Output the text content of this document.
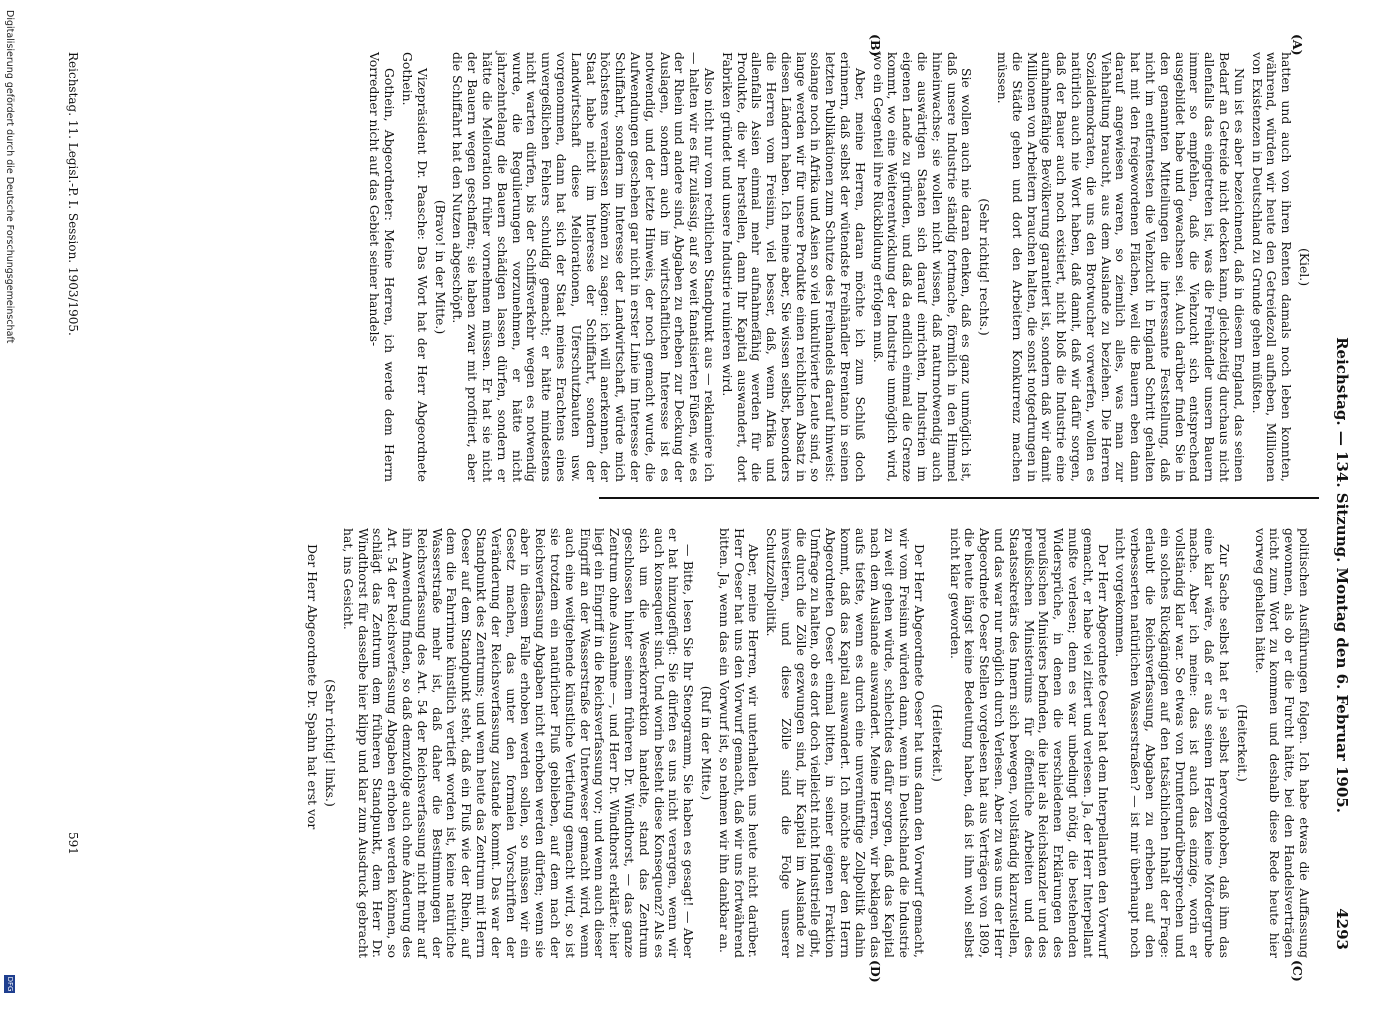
Reichstag. — 134. Sitzung. Montag den 6. Februar 1905.
4293
(A)
(B)
(C)
(D)

(Kiel.)

hatten und auch von ihren Renten damals noch leben konnten, während, würden wir heute den Getreidezoll aufheben, Millionen von Existenzen in Deutschland zu Grunde gehen müßten.

Nun ist es aber bezeichnend, daß in diesem England, das seinen Bedarf an Getreide nicht decken kann, gleichzeitig durchaus nicht allenfalls das eingetreten ist, was die Freihändler unsern Bauern immer so empfehlen, daß die Viehzucht sich entsprechend ausgebildet habe und gewachsen sei. Auch darüber finden Sie in den genannten Mitteilungen die interessante Feststellung, daß nicht im entferntesten die Viehzucht in England Schritt gehalten hat mit den freigewordenen Flächen, weil die Bauern eben dann darauf angewiesen waren, so ziemlich alles, was man zur Viehhaltung braucht, aus dem Auslande zu beziehen. Die Herren Sozialdemokraten, die uns den Brotwucher vorwerfen, wollen es natürlich auch nie Wort haben, daß damit, daß wir dafür sorgen, daß der Bauer auch noch existiert, nicht bloß die Industrie eine aufnahmefähige Bevölkerung garantiert ist, sondern daß wir damit Millionen von Arbeitern brauchen halten, die sonst notgedrungen in die Städte gehen und dort den Arbeitern Konkurrenz machen müssen.

(Sehr richtig! rechts.)

Sie wollen auch nie daran denken, daß es ganz unmöglich ist, daß unsere Industrie ständig fortmache, förmlich in den Himmel hineinwachse; sie wollen nicht wissen, daß naturnotwendig auch die auswärtigen Staaten sich darauf einrichten, Industrien im eigenen Lande zu gründen, und daß da endlich einmal die Grenze kommt, wo eine Weiterentwicklung der Industrie unmöglich wird, wo ein Gegenteil ihre Rückbildung erfolgen muß.

Aber, meine Herren, daran möchte ich zum Schluß doch erinnern, daß selbst der wütendste Freihändler Brentano in seinen letzten Publikationen zum Schutze des Freihandels darauf hinweist: solange noch in Afrika und Asien so viel unkultivierte Leute sind, so lange werden wir für unsere Produkte einen reichlichen Absatz in diesen Ländern haben. Ich meine aber, Sie wissen selbst, besonders die Herren vom Freisinn, viel besser, daß, wenn Afrika und allenfalls Asien einmal mehr aufnahmefähig werden für die Produkte, die wir herstellen, dann Ihr Kapital auswandert, dort Fabriken gründet und unsere Industrie ruinieren wird.

Also nicht nur vom rechtlichen Standpunkt aus — reklamiere ich — halten wir es für zulässig, auf so weit fanatisierten Füßen, wie es der Rhein und andere sind, Abgaben zu erheben zur Deckung der Auslagen, sondern auch im wirtschaftlichen Interesse ist es notwendig, und der letzte Hinweis, der noch gemacht wurde, die Aufwendungen geschehen gar nicht in erster Linie im Interesse der Schiffahrt, sondern im Interesse der Landwirtschaft, würde mich höchstens veranlassen können zu sagen: ich will anerkennen, der Staat habe nicht im Interesse der Schiffahrt, sondern der Landwirtschaft diese Meliorationen, Uferschutzbauten usw. vorgenommen, dann hat sich der Staat meines Erachtens eines unvergeßlichen Fehlers schuldig gemacht; er hätte mindestens nicht warten dürfen, bis der Schiffsverkehr wegen es notwendig wurde, die Regulierungen vorzunehmen, er hätte nicht jahrzehntelang die Bauern schädigen lassen dürfen, sondern er hätte die Melioration früher vornehmen müssen. Er hat sie nicht der Bauern wegen geschaffen; sie haben zwar mit profitiert, aber die Schiffahrt hat den Nutzen abgeschöpft.

(Bravo! in der Mitte.)

Vizepräsident Dr. Paasche: Das Wort hat der Herr Abgeordnete Gothein.

Gothein, Abgeordneter: Meine Herren, ich werde dem Herrn Vorredner nicht auf das Gebiet seiner handels-

politischen Ausführungen folgen. Ich habe etwas die Auffassung gewonnen, als ob er die Furcht hätte, bei den Handelsverträgen nicht zum Wort zu kommen und deshalb diese Rede heute hier vorweg gehalten hätte.

(Heiterkeit.)

Zur Sache selbst hat er ja selbst hervorgehoben, daß ihm das eine klar wäre, daß er aus seinem Herzen keine Mördergrube mache. Aber ich meine: das ist auch das einzige, worin er vollständig klar war. So etwas von Drunterundrübersprechen und ein solches Rückgängigen auf den tatsächlichen Inhalt der Frage: erlaubt die Reichsverfassung, Abgaben zu erheben auf den verbesserten natürlichen Wasserstraßen? — ist mir überhaupt noch nicht vorgekommen.

Der Herr Abgeordnete Oeser hat dem Interpellanten den Vorwurf gemacht, er habe viel zitiert und verlesen. Ja, der Herr Interpellant mußte verlesen; denn es war unbedingt nötig, die bestehenden Widersprüche, in denen die verschiedenen Erklärungen des preußischen Ministers befinden, die hier als Reichskanzler und des preußischen Ministeriums für öffentliche Arbeiten und des Staatssekretärs des Innern sich bewegen, vollständig klarzustellen, und das war nur möglich durch Verlesen. Aber zu was uns der Herr Abgeordnete Oeser Stellen vorgelesen hat aus Verträgen von 1809, die heute längst keine Bedeutung haben, daß ist ihm wohl selbst nicht klar geworden.

(Heiterkeit.)

Der Herr Abgeordnete Oeser hat uns dann den Vorwurf gemacht, wir vom Freisinn würden dann, wenn in Deutschland die Industrie zu weit gehen würde, schlechtdes dafür sorgen, daß das Kapital nach dem Auslande auswandert. Meine Herren, wir beklagen das aufs tiefste, wenn es durch eine unvernünftige Zollpolitik dahin kommt, daß das Kapital auswandert. Ich möchte aber den Herrn Abgeordneten Oeser einmal bitten, in seiner eigenen Fraktion Umfrage zu halten, ob es dort doch vielleicht nicht Industrielle gibt, die durch die Zölle gezwungen sind, ihr Kapital im Auslande zu investieren, und diese Zölle sind die Folge unserer Schutzzollpolitik.

Aber, meine Herren, wir unterhalten uns heute nicht darüber. Herr Oeser hat uns den Vorwurf gemacht, daß wir uns fortwährend bitten. Ja, wenn das ein Vorwurf ist, so nehmen wir ihn dankbar an.

(Ruf in der Mitte.)

— Bitte, lesen Sie Ihr Stenogramm, Sie haben es gesagt! — Aber er hat hinzugefügt: Sie dürfen es uns nicht verargen, wenn wir auch konsequent sind. Und worin besteht diese Konsequenz? Als es sich um die Weserkorrektion handelte, stand das Zentrum geschlossen hinter seinem früheren Dr. Windthorst, — das ganze Zentrum ohne Ausnahme —, und Herr Dr. Windthorst erklärte: hier liegt ein Eingriff in die Reichsverfassung vor; und wenn auch dieser Eingriff an der Wasserstraße der Unterweser gemacht wird, wenn auch eine weitgehende künstliche Vertiefung gemacht wird, so ist sie trotzdem ein natürlicher Fluß geblieben, auf dem nach der Reichsverfassung Abgaben nicht erhoben werden dürfen; wenn sie aber in diesem Falle erhoben werden sollen, so müssen wir ein Gesetz machen, das unter den formalen Vorschriften der Veränderung der Reichsverfassung zustande kommt. Das war der Standpunkt des Zentrums; und wenn heute das Zentrum mit Herrn Oeser auf dem Standpunkt steht, daß ein Fluß wie der Rhein, auf dem die Fahrrinne künstlich vertieft worden ist, keine natürliche Wasserstraße mehr ist, daß daher die Bestimmungen der Reichsverfassung des Art. 54 der Reichsverfassung nicht mehr auf ihn Anwendung finden, so daß demzufolge auch ohne Änderung des Art. 54 der Reichsverfassung Abgaben erhoben werden können, so schlägt das Zentrum dem früheren Standpunkt, dem Herr Dr. Windthorst für dasselbe hier klipp und klar zum Ausdruck gebracht hat, ins Gesicht.

(Sehr richtig! links.)

Der Herr Abgeordnete Dr. Spahn hat erst vor

Reichstag. 11. Legisl.-P. I. Session. 1903/1905.
591
Digitalisierung gefördert durch die Deutsche Forschungsgemeinschaft
DFG
